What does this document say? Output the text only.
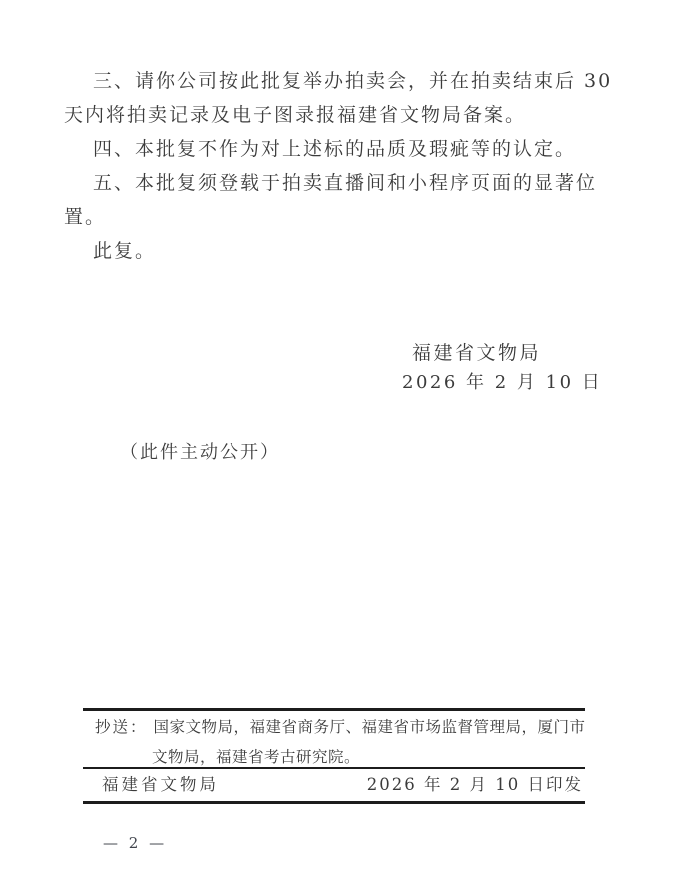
三、请你公司按此批复举办拍卖会，并在拍卖结束后 30
天内将拍卖记录及电子图录报福建省文物局备案。
四、本批复不作为对上述标的品质及瑕疵等的认定。
五、本批复须登载于拍卖直播间和小程序页面的显著位
置。
此复。
福建省文物局
2026 年 2 月 10 日
（此件主动公开）
抄送： 国家文物局，福建省商务厅、福建省市场监督管理局，厦门市
文物局，福建省考古研究院。
福建省文物局	2026 年 2 月 10 日印发
— 2 —
